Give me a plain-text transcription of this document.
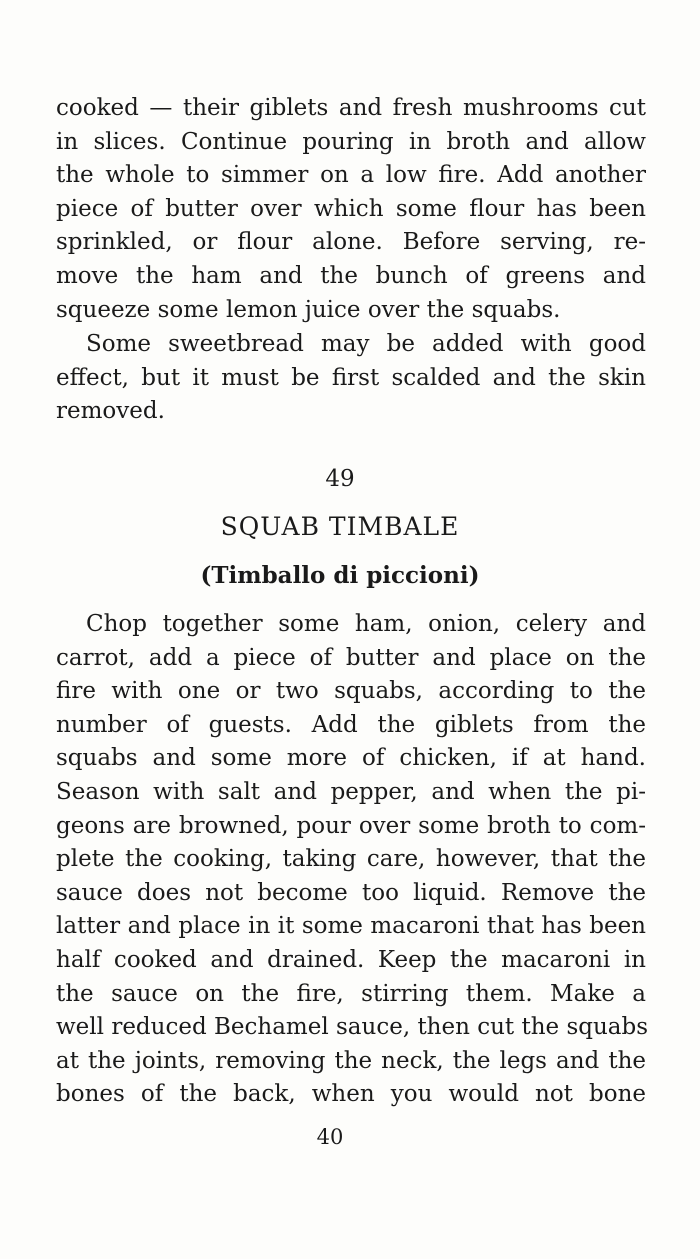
cooked — their giblets and fresh mushrooms cut
in slices. Continue pouring in broth and allow
the whole to simmer on a low fire. Add another
piece of butter over which some flour has been
sprinkled, or flour alone. Before serving, re-
move the ham and the bunch of greens and
squeeze some lemon juice over the squabs.
Some sweetbread may be added with good
effect, but it must be first scalded and the skin
removed.
49
SQUAB TIMBALE
(Timballo di piccioni)
Chop together some ham, onion, celery and
carrot, add a piece of butter and place on the
fire with one or two squabs, according to the
number of guests. Add the giblets from the
squabs and some more of chicken, if at hand.
Season with salt and pepper, and when the pi-
geons are browned, pour over some broth to com-
plete the cooking, taking care, however, that the
sauce does not become too liquid. Remove the
latter and place in it some macaroni that has been
half cooked and drained. Keep the macaroni in
the sauce on the fire, stirring them. Make a
well reduced Bechamel sauce, then cut the squabs
at the joints, removing the neck, the legs and the
bones of the back, when you would not bone
40
